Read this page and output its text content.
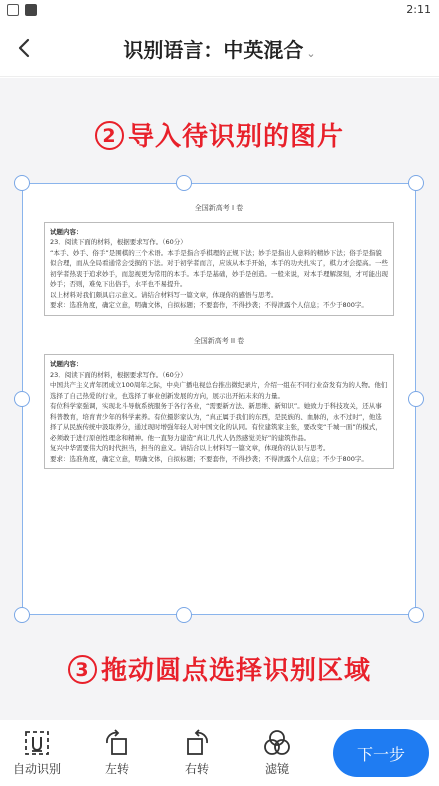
2:11
识别语言：中英混合 ⌄
2 导入待识别的图片
全国新高考 I 卷
试题内容：
23．阅读下面的材料，根据要求写作。（60分）
“本手、妙手、俗手”是围棋的三个术语。本手是指合乎棋理的正规下法；妙手是指出人意料的精妙下法；俗手是指貌似合理，而从全局看通常会受损的下法。对于初学者而言，应该从本手开始，本手的功夫扎实了，棋力才会提高。一些初学者热衷于追求妙手，而忽视更为常用的本手。本手是基础，妙手是创造。一般来说，对本手理解深刻，才可能出现妙手；否则，难免下出俗手，水平也不易提升。
以上材料对我们颇具启示意义。请结合材料写一篇文章，体现你的感悟与思考。
要求：选准角度，确定立意，明确文体，自拟标题；不要套作，不得抄袭；不得泄露个人信息；不少于800字。
全国新高考 II 卷
试题内容：
23．阅读下面的材料，根据要求写作。（60分）
中国共产主义青年团成立100周年之际，中央广播电视总台推出微纪录片，介绍一组在不同行业奋发有为的人物。他们选择了自己热爱的行业，也选择了事业创新发展的方向，展示出开拓未来的力量。
有位科学家强调，实现北斗导航系统服务于各行各业，“需要新方法、新思维、新知识”。她致力于科技攻关，还从事科普教育，培育青少年的科学素养。有位摄影家认为，“真正属于我们的东西，是民族的、血脉的，永不过时”，他选择了从民族传统中汲取养分，通过现时增强年轻人对中国文化的认同。有位建筑家主张，要改变“千城一面”的模式，必须敢于进行原创性理念和精神。他一直努力建造“真让几代人仍然感觉美好”的建筑作品。
复兴中华需要伟大的时代担当，担当的意义。请结合以上材料写一篇文章，体现你的认识与思考。
要求：选准角度，确定立意，明确文体，自拟标题；不要套作，不得抄袭；不得泄露个人信息；不少于800字。
3 拖动圆点选择识别区域
自动识别	左转	右转	滤镜
下一步
